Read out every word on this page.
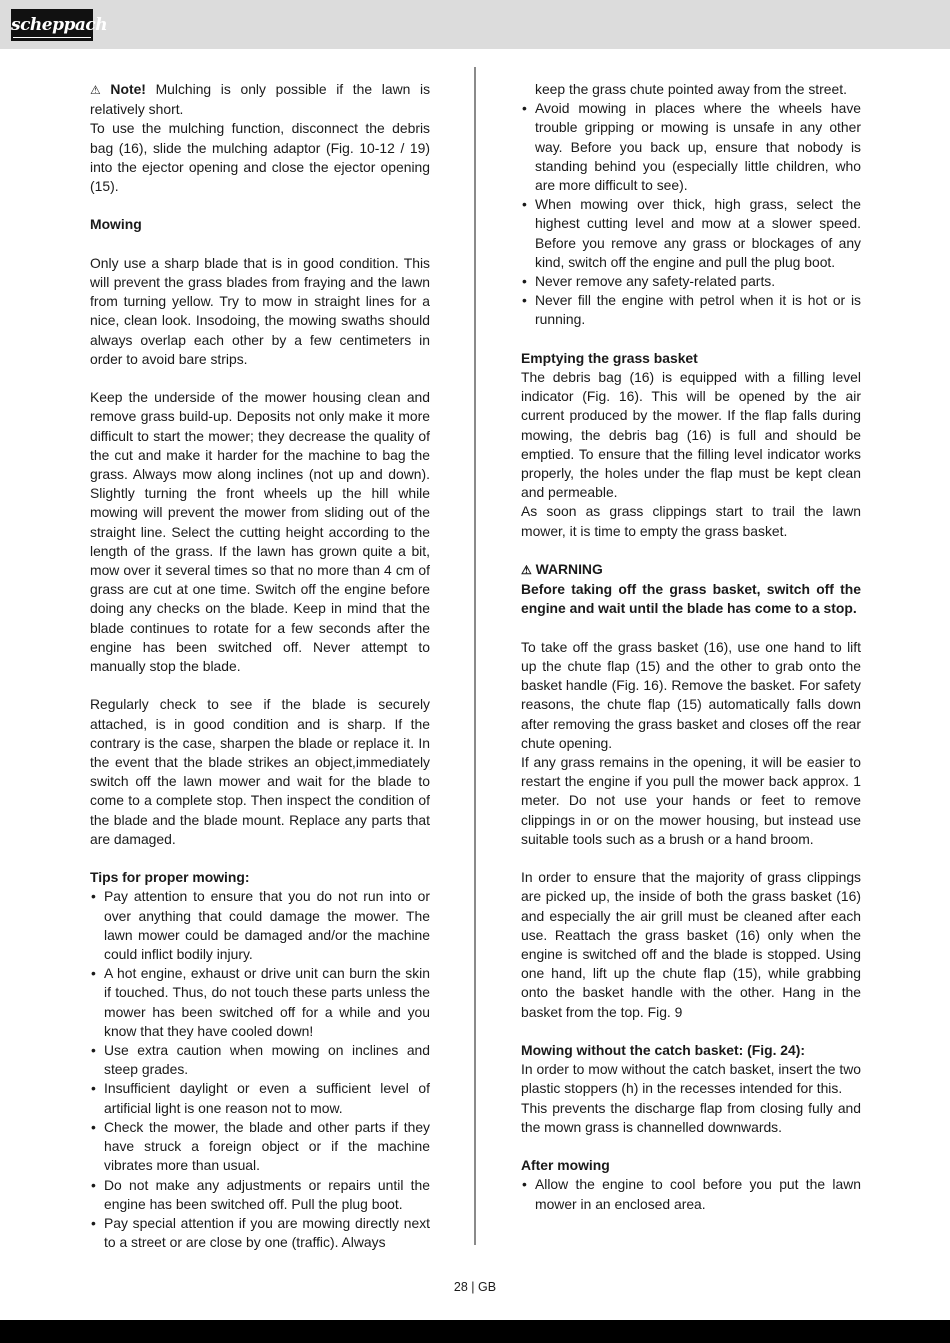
scheppach

⚠ Note! Mulching is only possible if the lawn is relatively short.

To use the mulching function, disconnect the debris bag (16), slide the mulching adaptor (Fig. 10-12 / 19) into the ejector opening and close the ejector opening (15).

Mowing

Only use a sharp blade that is in good condition. This will prevent the grass blades from fraying and the lawn from turning yellow. Try to mow in straight lines for a nice, clean look. Insodoing, the mowing swaths should always overlap each other by a few centimeters in order to avoid bare strips.

Keep the underside of the mower housing clean and remove grass build-up. Deposits not only make it more difficult to start the mower; they decrease the quality of the cut and make it harder for the machine to bag the grass. Always mow along inclines (not up and down). Slightly turning the front wheels up the hill while mowing will prevent the mower from sliding out of the straight line. Select the cutting height according to the length of the grass. If the lawn has grown quite a bit, mow over it several times so that no more than 4 cm of grass are cut at one time. Switch off the engine before doing any checks on the blade. Keep in mind that the blade continues to rotate for a few seconds after the engine has been switched off. Never attempt to manually stop the blade.

Regularly check to see if the blade is securely attached, is in good condition and is sharp. If the contrary is the case, sharpen the blade or replace it. In the event that the blade strikes an object,immediately switch off the lawn mower and wait for the blade to come to a complete stop. Then inspect the condition of the blade and the blade mount. Replace any parts that are damaged.

Tips for proper mowing:

• Pay attention to ensure that you do not run into or over anything that could damage the mower. The lawn mower could be damaged and/or the machine could inflict bodily injury.
• A hot engine, exhaust or drive unit can burn the skin if touched. Thus, do not touch these parts unless the mower has been switched off for a while and you know that they have cooled down!
• Use extra caution when mowing on inclines and steep grades.
• Insufficient daylight or even a sufficient level of artificial light is one reason not to mow.
• Check the mower, the blade and other parts if they have struck a foreign object or if the machine vibrates more than usual.
• Do not make any adjustments or repairs until the engine has been switched off. Pull the plug boot.
• Pay special attention if you are mowing directly next to a street or are close by one (traffic). Always

keep the grass chute pointed away from the street.

• Avoid mowing in places where the wheels have trouble gripping or mowing is unsafe in any other way. Before you back up, ensure that nobody is standing behind you (especially little children, who are more difficult to see).
• When mowing over thick, high grass, select the highest cutting level and mow at a slower speed. Before you remove any grass or blockages of any kind, switch off the engine and pull the plug boot.
• Never remove any safety-related parts.
• Never fill the engine with petrol when it is hot or is running.

Emptying the grass basket

The debris bag (16) is equipped with a filling level indicator (Fig. 16). This will be opened by the air current produced by the mower. If the flap falls during mowing, the debris bag (16) is full and should be emptied. To ensure that the filling level indicator works properly, the holes under the flap must be kept clean and permeable.

As soon as grass clippings start to trail the lawn mower, it is time to empty the grass basket.

⚠ WARNING

Before taking off the grass basket, switch off the engine and wait until the blade has come to a stop.

To take off the grass basket (16), use one hand to lift up the chute flap (15) and the other to grab onto the basket handle (Fig. 16). Remove the basket. For safety reasons, the chute flap (15) automatically falls down after removing the grass basket and closes off the rear chute opening.

If any grass remains in the opening, it will be easier to restart the engine if you pull the mower back approx. 1 meter. Do not use your hands or feet to remove clippings in or on the mower housing, but instead use suitable tools such as a brush or a hand broom.

In order to ensure that the majority of grass clippings are picked up, the inside of both the grass basket (16) and especially the air grill must be cleaned after each use. Reattach the grass basket (16) only when the engine is switched off and the blade is stopped. Using one hand, lift up the chute flap (15), while grabbing onto the basket handle with the other. Hang in the basket from the top. Fig. 9

Mowing without the catch basket: (Fig. 24):

In order to mow without the catch basket, insert the two plastic stoppers (h) in the recesses intended for this.

This prevents the discharge flap from closing fully and the mown grass is channelled downwards.

After mowing

• Allow the engine to cool before you put the lawn mower in an enclosed area.
28 | GB
